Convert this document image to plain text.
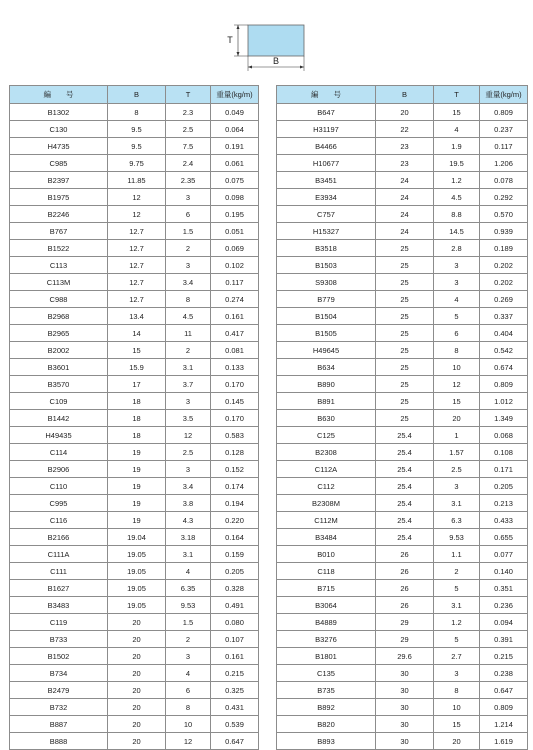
T
B
編　　号	B	T	重量(kg/m)
B1302	8	2.3	0.049
C130	9.5	2.5	0.064
H4735	9.5	7.5	0.191
C985	9.75	2.4	0.061
B2397	11.85	2.35	0.075
B1975	12	3	0.098
B2246	12	6	0.195
B767	12.7	1.5	0.051
B1522	12.7	2	0.069
C113	12.7	3	0.102
C113M	12.7	3.4	0.117
C988	12.7	8	0.274
B2968	13.4	4.5	0.161
B2965	14	11	0.417
B2002	15	2	0.081
B3601	15.9	3.1	0.133
B3570	17	3.7	0.170
C109	18	3	0.145
B1442	18	3.5	0.170
H49435	18	12	0.583
C114	19	2.5	0.128
B2906	19	3	0.152
C110	19	3.4	0.174
C995	19	3.8	0.194
C116	19	4.3	0.220
B2166	19.04	3.18	0.164
C111A	19.05	3.1	0.159
C111	19.05	4	0.205
B1627	19.05	6.35	0.328
B3483	19.05	9.53	0.491
C119	20	1.5	0.080
B733	20	2	0.107
B1502	20	3	0.161
B734	20	4	0.215
B2479	20	6	0.325
B732	20	8	0.431
B887	20	10	0.539
B888	20	12	0.647
編　　号	B	T	重量(kg/m)
B647	20	15	0.809
H31197	22	4	0.237
B4466	23	1.9	0.117
H10677	23	19.5	1.206
B3451	24	1.2	0.078
E3934	24	4.5	0.292
C757	24	8.8	0.570
H15327	24	14.5	0.939
B3518	25	2.8	0.189
B1503	25	3	0.202
S9308	25	3	0.202
B779	25	4	0.269
B1504	25	5	0.337
B1505	25	6	0.404
H49645	25	8	0.542
B634	25	10	0.674
B890	25	12	0.809
B891	25	15	1.012
B630	25	20	1.349
C125	25.4	1	0.068
B2308	25.4	1.57	0.108
C112A	25.4	2.5	0.171
C112	25.4	3	0.205
B2308M	25.4	3.1	0.213
C112M	25.4	6.3	0.433
B3484	25.4	9.53	0.655
B010	26	1.1	0.077
C118	26	2	0.140
B715	26	5	0.351
B3064	26	3.1	0.236
B4889	29	1.2	0.094
B3276	29	5	0.391
B1801	29.6	2.7	0.215
C135	30	3	0.238
B735	30	8	0.647
B892	30	10	0.809
B820	30	15	1.214
B893	30	20	1.619
